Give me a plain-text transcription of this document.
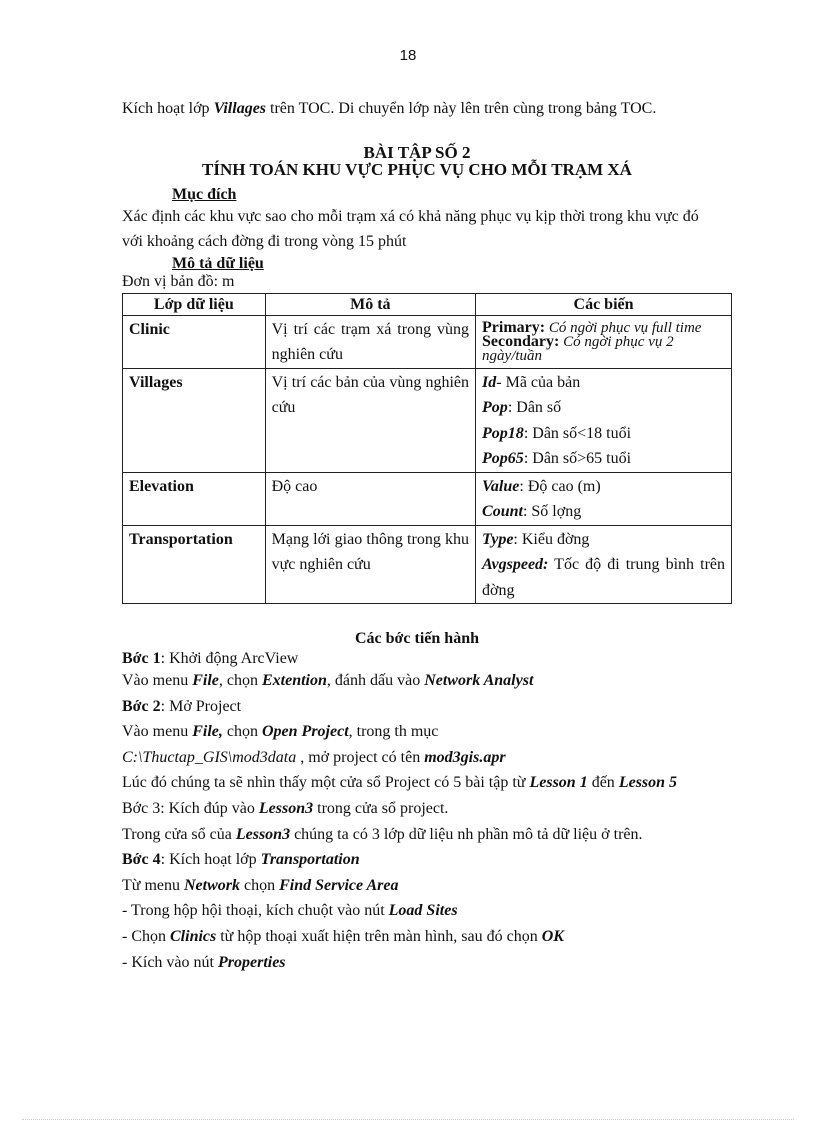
18

Kích hoạt lớp Villages trên TOC. Di chuyển lớp này lên trên cùng trong bảng TOC.

BÀI TẬP SỐ 2

TÍNH TOÁN KHU VỰC PHỤC VỤ CHO MỖI TRẠM XÁ

Mục đích

Xác định các khu vực sao cho mỗi trạm xá có khả năng phục vụ kịp thời trong khu vực đó với khoảng cách đờng đi trong vòng 15 phút

Mô tả dữ liệu

Đơn vị bản đồ: m

Lớp dữ liệu	Mô tả	Các biến
Clinic	Vị trí các trạm xá trong vùng nghiên cứu	Primary: Có ngời phục vụ full time
Secondary: Có ngời phục vụ 2 ngày/tuần

Villages	Vị trí các bản của vùng nghiên cứu	Id- Mã của bản
Pop: Dân số
Pop18: Dân số<18 tuổi
Pop65: Dân số>65 tuổi

Elevation	Độ cao	Value: Độ cao (m)
Count: Số lợng

Transportation	Mạng lới giao thông trong khu vực nghiên cứu	Type: Kiểu đờng
Avgspeed: Tốc độ đi trung bình trên đờng

Các bớc tiến hành

Bớc 1: Khởi động ArcView
Vào menu File, chọn Extention, đánh dấu vào Network Analyst
Bớc 2: Mở Project
Vào menu File, chọn Open Project, trong th mục
C:\Thuctap_GIS\mod3data , mở project có tên mod3gis.apr
Lúc đó chúng ta sẽ nhìn thấy một cửa sổ Project có 5 bài tập từ Lesson 1 đến Lesson 5
Bớc 3: Kích đúp vào Lesson3 trong cửa sổ project.
Trong cửa sổ của Lesson3 chúng ta có 3 lớp dữ liệu nh phần mô tả dữ liệu ở trên.
Bớc 4: Kích hoạt lớp Transportation
Từ menu Network chọn Find Service Area
- Trong hộp hội thoại, kích chuột vào nút Load Sites
- Chọn Clinics từ hộp thoại xuất hiện trên màn hình, sau đó chọn OK
- Kích vào nút Properties
